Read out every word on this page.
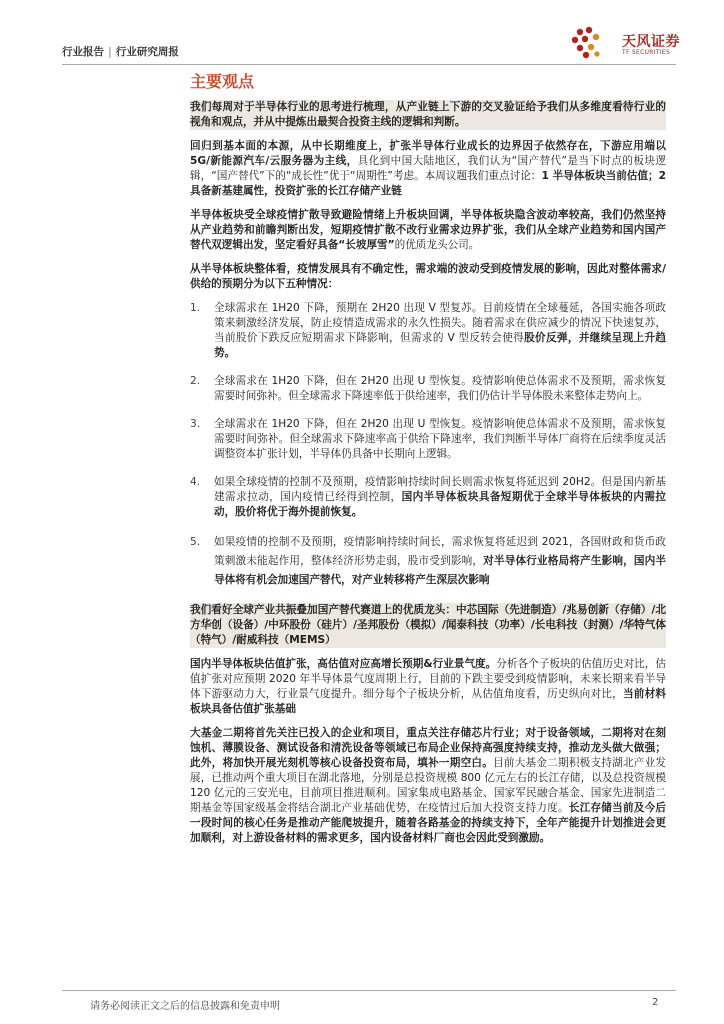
行业报告 | 行业研究周报
天风证券
TF SECURITIES
主要观点

我们每周对于半导体行业的思考进行梳理，从产业链上下游的交叉验证给予我们从多维度看待行业的视角和观点，并从中提炼出最契合投资主线的逻辑和判断。

回归到基本面的本源，从中长期维度上，扩张半导体行业成长的边界因子依然存在，下游应用端以 5G/新能源汽车/云服务器为主线，具化到中国大陆地区，我们认为“国产替代”是当下时点的板块逻辑，“国产替代”下的“成长性”优于“周期性”考虑。本周议题我们重点讨论：1 半导体板块当前估值；2 具备新基建属性，投资扩张的长江存储产业链

半导体板块受全球疫情扩散导致避险情绪上升板块回调，半导体板块隐含波动率较高，我们仍然坚持从产业趋势和前瞻判断出发，短期疫情扩散不改行业需求边界扩张，我们从全球产业趋势和国内国产替代双逻辑出发，坚定看好具备“长坡厚雪”的优质龙头公司。

从半导体板块整体看，疫情发展具有不确定性，需求端的波动受到疫情发展的影响，因此对整体需求/供给的预期分为以下五种情况：

1.	全球需求在 1H20 下降，预期在 2H20 出现 V 型复苏。目前疫情在全球蔓延，各国实施各项政策来刺激经济发展，防止疫情造成需求的永久性损失。随着需求在供应减少的情况下快速复苏，当前股价下跌反应短期需求下降影响，但需求的 V 型反转会使得股价反弹，并继续呈现上升趋势。
2.	全球需求在 1H20 下降，但在 2H20 出现 U 型恢复。疫情影响使总体需求不及预期，需求恢复需要时间弥补。但全球需求下降速率低于供给速率，我们仍估计半导体股未来整体走势向上。
3.	全球需求在 1H20 下降，但在 2H20 出现 U 型恢复。疫情影响使总体需求不及预期，需求恢复需要时间弥补。但全球需求下降速率高于供给下降速率，我们判断半导体厂商将在后续季度灵活调整资本扩张计划，半导体仍具备中长期向上逻辑。
4.	如果全球疫情的控制不及预期，疫情影响持续时间长则需求恢复将延迟到 20H2。但是国内新基建需求拉动，国内疫情已经得到控制，国内半导体板块具备短期优于全球半导体板块的内需拉动，股价将优于海外提前恢复。
5.	如果疫情的控制不及预期，疫情影响持续时间长，需求恢复将延迟到 2021，各国财政和货币政策刺激未能起作用，整体经济形势走弱，股市受到影响，对半导体行业格局将产生影响，国内半导体将有机会加速国产替代，对产业转移将产生深层次影响

我们看好全球产业共振叠加国产替代赛道上的优质龙头：中芯国际（先进制造）/兆易创新（存储）/北方华创（设备）/中环股份（硅片）/圣邦股份（模拟）/闻泰科技（功率）/长电科技（封测）/华特气体（特气）/耐威科技（MEMS）

国内半导体板块估值扩张，高估值对应高增长预期&行业景气度。分析各个子板块的估值历史对比，估值扩张对应预期 2020 年半导体景气度周期上行，目前的下跌主要受到疫情影响，未来长期来看半导体下游驱动力大，行业景气度提升。细分每个子板块分析，从估值角度看，历史纵向对比，当前材料板块具备估值扩张基础

大基金二期将首先关注已投入的企业和项目，重点关注存储芯片行业；对于设备领域，二期将对在刻蚀机、薄膜设备、测试设备和清洗设备等领域已布局企业保持高强度持续支持，推动龙头做大做强；此外，将加快开展光刻机等核心设备投资布局，填补一期空白。目前大基金二期积极支持湖北产业发展，已推动两个重大项目在湖北落地，分别是总投资规模 800 亿元左右的长江存储，以及总投资规模 120 亿元的三安光电，目前项目推进顺利。国家集成电路基金、国家军民融合基金、国家先进制造二期基金等国家级基金将结合湖北产业基础优势，在疫情过后加大投资支持力度。长江存储当前及今后一段时间的核心任务是推动产能爬坡提升，随着各路基金的持续支持下，全年产能提升计划推进会更加顺利，对上游设备材料的需求更多，国内设备材料厂商也会因此受到激励。

请务必阅读正文之后的信息披露和免责申明	2
